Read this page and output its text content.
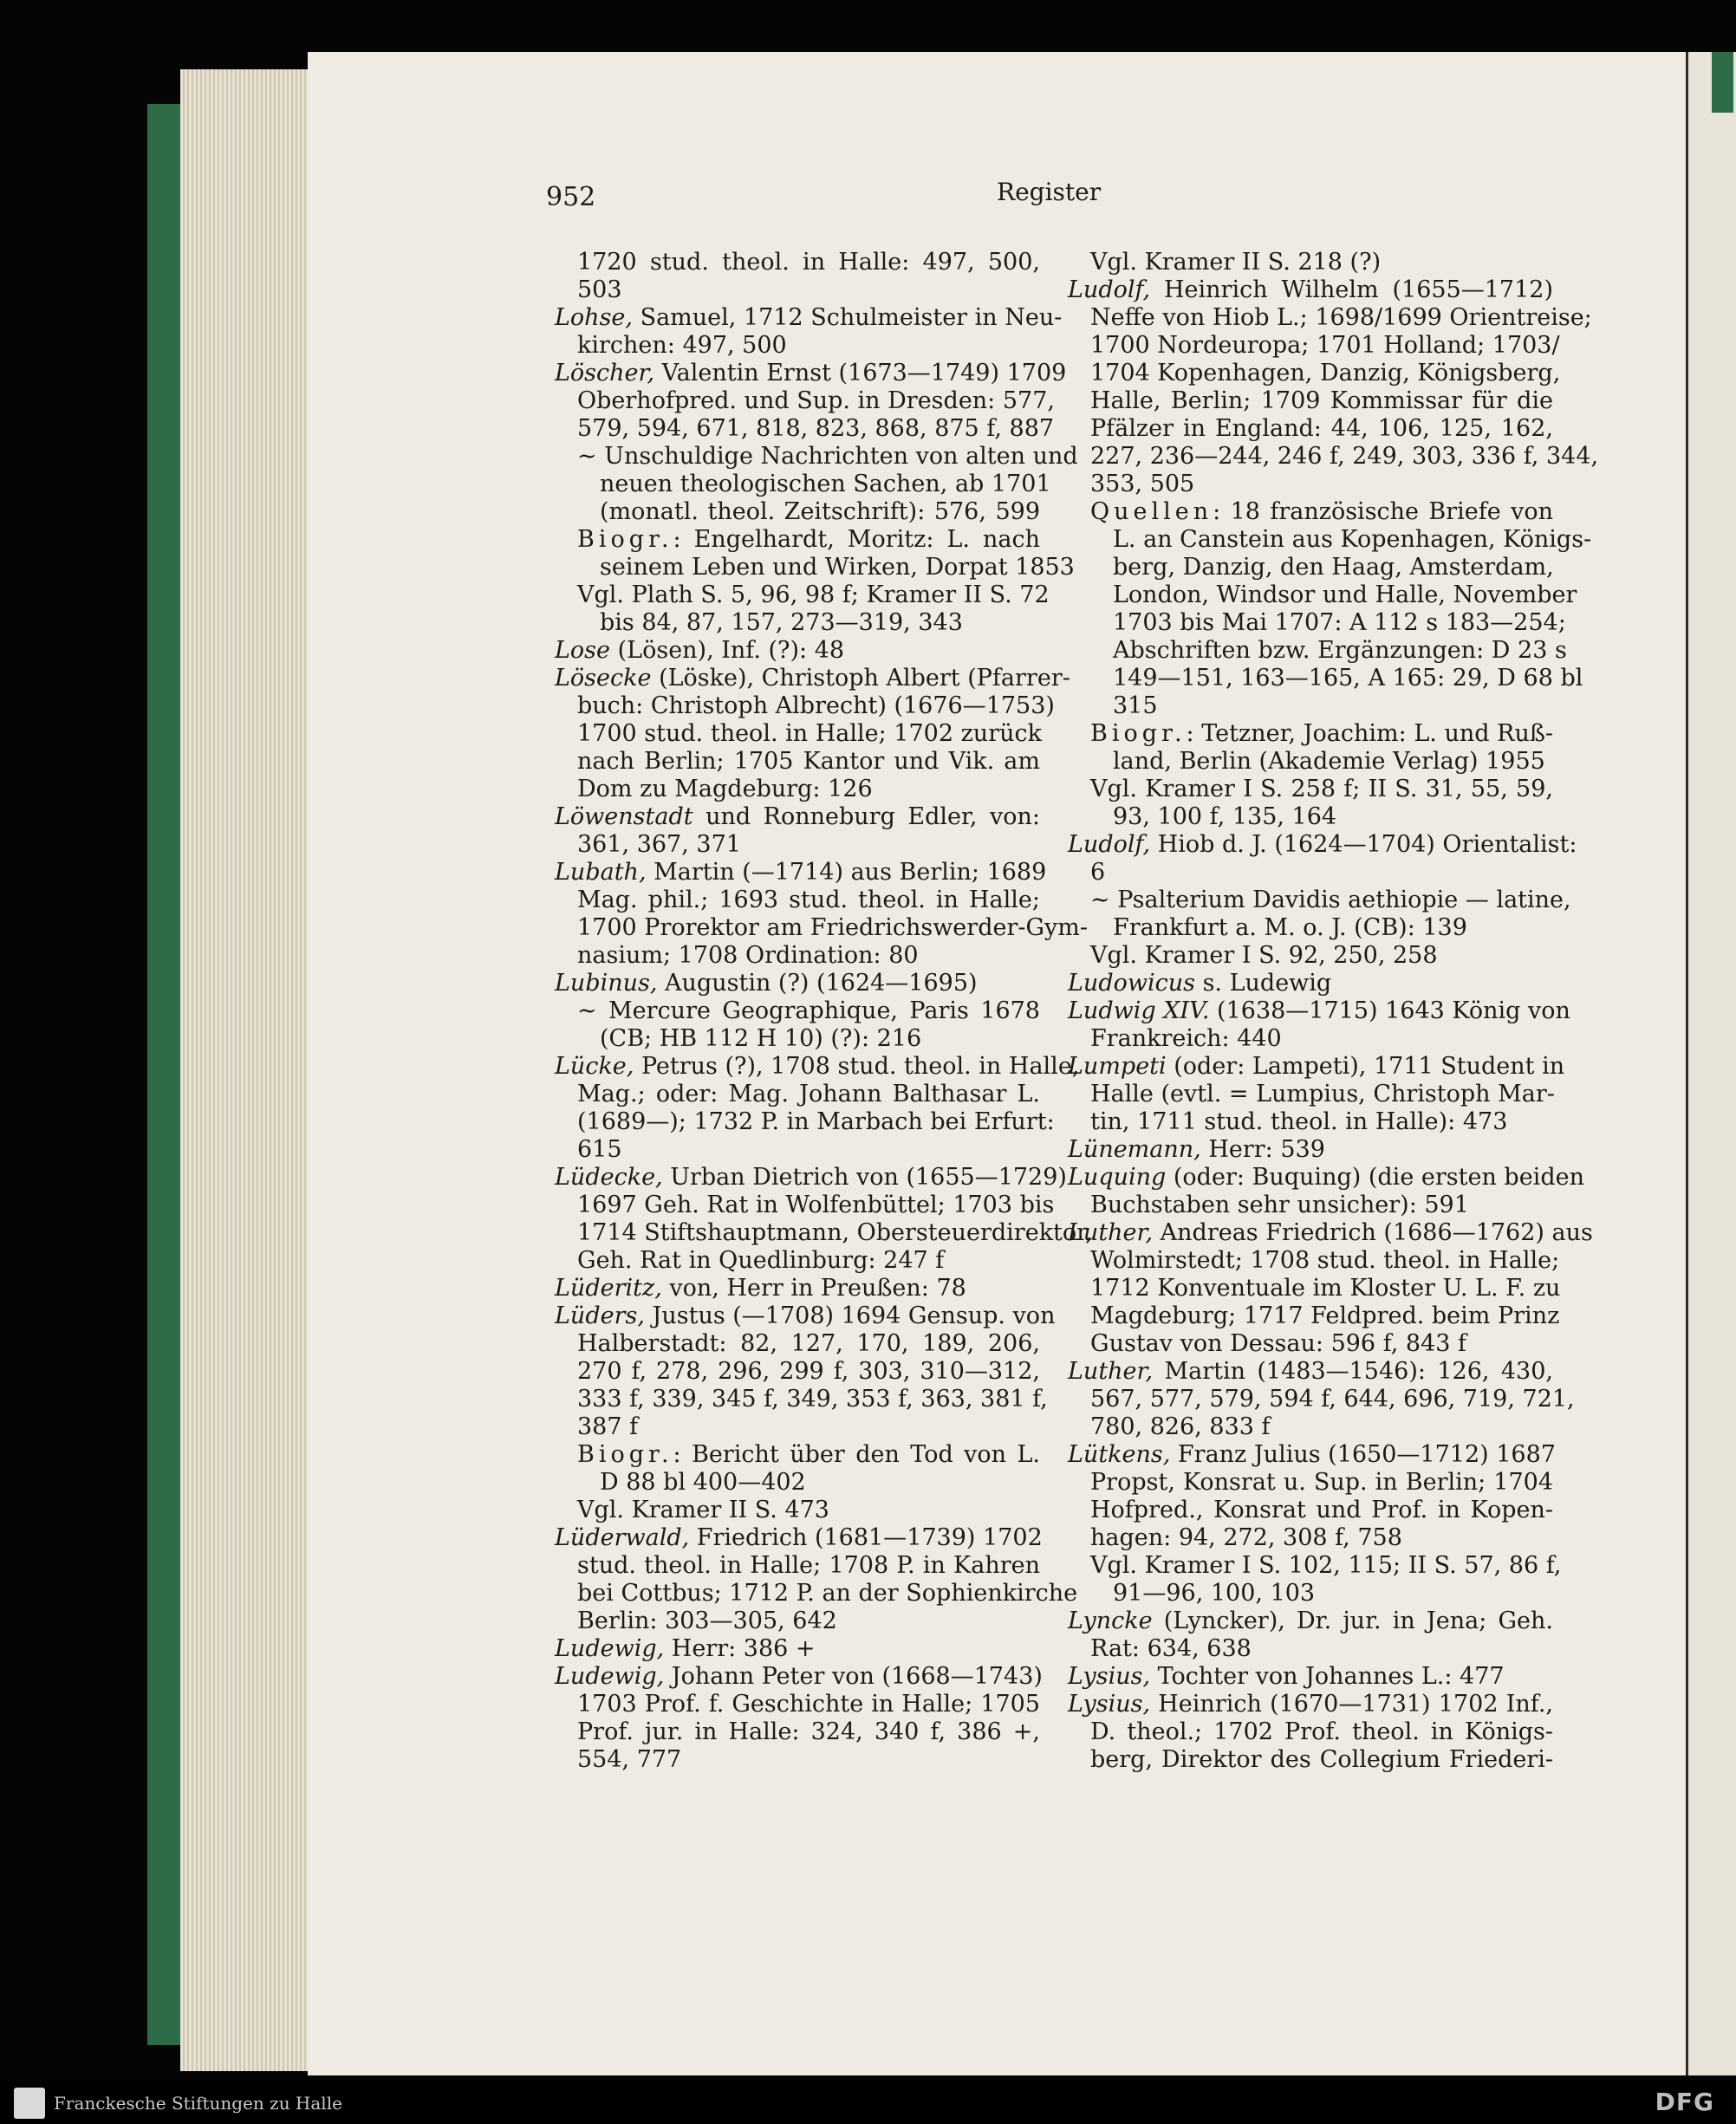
952	Register
1720 stud. theol. in Halle: 497, 500,
503
Lohse, Samuel, 1712 Schulmeister in Neu-
kirchen: 497, 500
Löscher, Valentin Ernst (1673—1749) 1709
Oberhofpred. und Sup. in Dresden: 577,
579, 594, 671, 818, 823, 868, 875 f, 887
∼ Unschuldige Nachrichten von alten und
neuen theologischen Sachen, ab 1701
(monatl. theol. Zeitschrift): 576, 599
Biogr.: Engelhardt, Moritz: L. nach
seinem Leben und Wirken, Dorpat 1853
Vgl. Plath S. 5, 96, 98 f; Kramer II S. 72
bis 84, 87, 157, 273—319, 343
Lose (Lösen), Inf. (?): 48
Lösecke (Löske), Christoph Albert (Pfarrer-
buch: Christoph Albrecht) (1676—1753)
1700 stud. theol. in Halle; 1702 zurück
nach Berlin; 1705 Kantor und Vik. am
Dom zu Magdeburg: 126
Löwenstadt und Ronneburg Edler, von:
361, 367, 371
Lubath, Martin (—1714) aus Berlin; 1689
Mag. phil.; 1693 stud. theol. in Halle;
1700 Prorektor am Friedrichswerder-Gym-
nasium; 1708 Ordination: 80
Lubinus, Augustin (?) (1624—1695)
∼ Mercure Geographique, Paris 1678
(CB; HB 112 H 10) (?): 216
Lücke, Petrus (?), 1708 stud. theol. in Halle,
Mag.; oder: Mag. Johann Balthasar L.
(1689—); 1732 P. in Marbach bei Erfurt:
615
Lüdecke, Urban Dietrich von (1655—1729)
1697 Geh. Rat in Wolfenbüttel; 1703 bis
1714 Stiftshauptmann, Obersteuerdirektor,
Geh. Rat in Quedlinburg: 247 f
Lüderitz, von, Herr in Preußen: 78
Lüders, Justus (—1708) 1694 Gensup. von
Halberstadt: 82, 127, 170, 189, 206,
270 f, 278, 296, 299 f, 303, 310—312,
333 f, 339, 345 f, 349, 353 f, 363, 381 f,
387 f
Biogr.: Bericht über den Tod von L.
D 88 bl 400—402
Vgl. Kramer II S. 473
Lüderwald, Friedrich (1681—1739) 1702
stud. theol. in Halle; 1708 P. in Kahren
bei Cottbus; 1712 P. an der Sophienkirche
Berlin: 303—305, 642
Ludewig, Herr: 386 +
Ludewig, Johann Peter von (1668—1743)
1703 Prof. f. Geschichte in Halle; 1705
Prof. jur. in Halle: 324, 340 f, 386 +,
554, 777
Vgl. Kramer II S. 218 (?)
Ludolf, Heinrich Wilhelm (1655—1712)
Neffe von Hiob L.; 1698/1699 Orientreise;
1700 Nordeuropa; 1701 Holland; 1703/
1704 Kopenhagen, Danzig, Königsberg,
Halle, Berlin; 1709 Kommissar für die
Pfälzer in England: 44, 106, 125, 162,
227, 236—244, 246 f, 249, 303, 336 f, 344,
353, 505
Quellen: 18 französische Briefe von
L. an Canstein aus Kopenhagen, Königs-
berg, Danzig, den Haag, Amsterdam,
London, Windsor und Halle, November
1703 bis Mai 1707: A 112 s 183—254;
Abschriften bzw. Ergänzungen: D 23 s
149—151, 163—165, A 165: 29, D 68 bl
315
Biogr.: Tetzner, Joachim: L. und Ruß-
land, Berlin (Akademie Verlag) 1955
Vgl. Kramer I S. 258 f; II S. 31, 55, 59,
93, 100 f, 135, 164
Ludolf, Hiob d. J. (1624—1704) Orientalist:
6
∼ Psalterium Davidis aethiopie — latine,
Frankfurt a. M. o. J. (CB): 139
Vgl. Kramer I S. 92, 250, 258
Ludowicus s. Ludewig
Ludwig XIV. (1638—1715) 1643 König von
Frankreich: 440
Lumpeti (oder: Lampeti), 1711 Student in
Halle (evtl. = Lumpius, Christoph Mar-
tin, 1711 stud. theol. in Halle): 473
Lünemann, Herr: 539
Luquing (oder: Buquing) (die ersten beiden
Buchstaben sehr unsicher): 591
Luther, Andreas Friedrich (1686—1762) aus
Wolmirstedt; 1708 stud. theol. in Halle;
1712 Konventuale im Kloster U. L. F. zu
Magdeburg; 1717 Feldpred. beim Prinz
Gustav von Dessau: 596 f, 843 f
Luther, Martin (1483—1546): 126, 430,
567, 577, 579, 594 f, 644, 696, 719, 721,
780, 826, 833 f
Lütkens, Franz Julius (1650—1712) 1687
Propst, Konsrat u. Sup. in Berlin; 1704
Hofpred., Konsrat und Prof. in Kopen-
hagen: 94, 272, 308 f, 758
Vgl. Kramer I S. 102, 115; II S. 57, 86 f,
91—96, 100, 103
Lyncke (Lyncker), Dr. jur. in Jena; Geh.
Rat: 634, 638
Lysius, Tochter von Johannes L.: 477
Lysius, Heinrich (1670—1731) 1702 Inf.,
D. theol.; 1702 Prof. theol. in Königs-
berg, Direktor des Collegium Friederi-
Franckesche Stiftungen zu Halle	DFG
